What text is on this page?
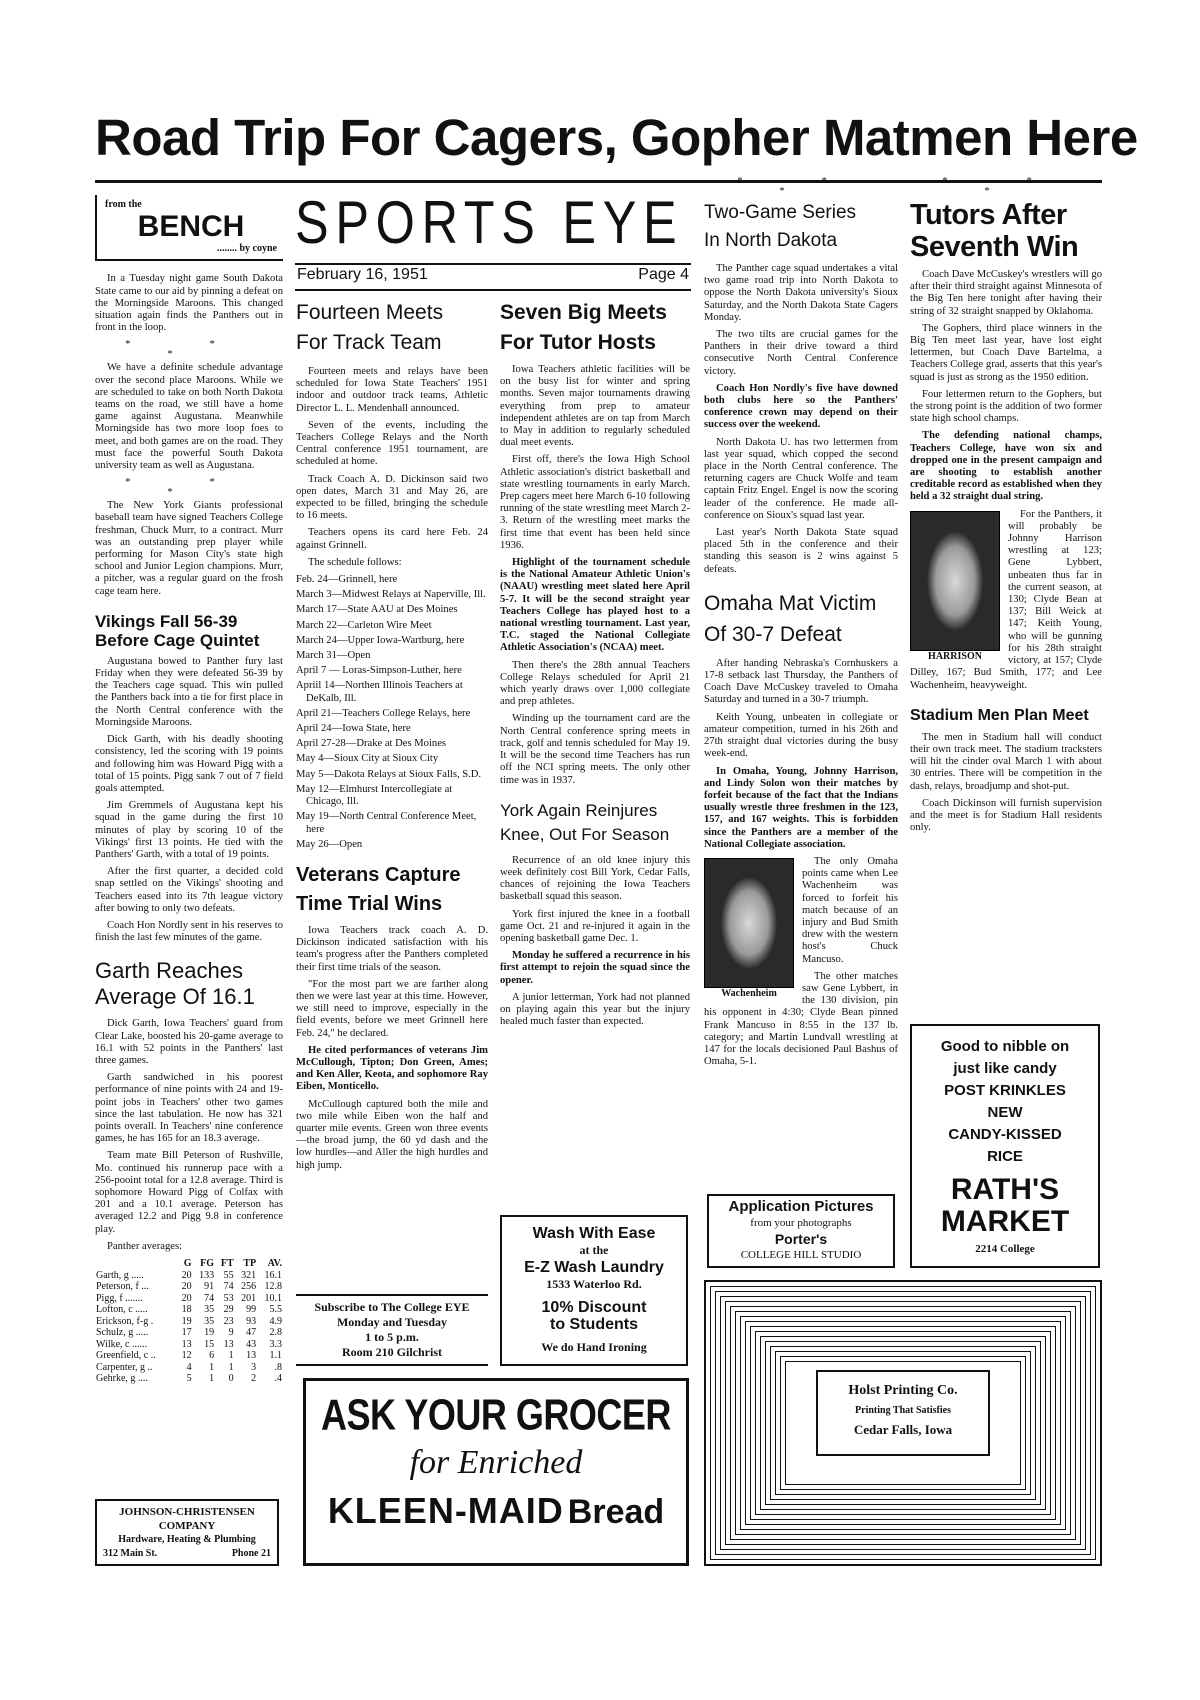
Road Trip For Cagers, Gopher Matmen Here
from the
BENCH
........ by coyne

In a Tuesday night game South Dakota State came to our aid by pinning a defeat on the Morningside Maroons. This changed situation again finds the Panthers out in front in the loop.

* * *

We have a definite schedule advantage over the second place Maroons. While we are scheduled to take on both North Dakota teams on the road, we still have a home game against Augustana. Meanwhile Morningside has two more loop foes to meet, and both games are on the road. They must face the powerful South Dakota university team as well as Augustana.

* * *

The New York Giants professional baseball team have signed Teachers College freshman, Chuck Murr, to a contract. Murr was an outstanding prep player while performing for Mason City's state high school and Junior Legion champions. Murr, a pitcher, was a regular guard on the frosh cage team here.

Vikings Fall 56-39 Before Cage Quintet

Augustana bowed to Panther fury last Friday when they were defeated 56-39 by the Teachers cage squad. This win pulled the Panthers back into a tie for first place in the North Central conference with the Morningside Maroons.

Dick Garth, with his deadly shooting consistency, led the scoring with 19 points and following him was Howard Pigg with a total of 15 points. Pigg sank 7 out of 7 field goals attempted.

Jim Gremmels of Augustana kept his squad in the game during the first 10 minutes of play by scoring 10 of the Vikings' first 13 points. He tied with the Panthers' Garth, with a total of 19 points.

After the first quarter, a decided cold snap settled on the Vikings' shooting and Teachers eased into its 7th league victory after bowing to only two defeats.

Coach Hon Nordly sent in his reserves to finish the last few minutes of the game.

Garth Reaches Average Of 16.1

Dick Garth, Iowa Teachers' guard from Clear Lake, boosted his 20-game average to 16.1 with 52 points in the Panthers' last three games.

Garth sandwiched in his poorest performance of nine points with 24 and 19-point jobs in Teachers' other two games since the last tabulation. He now has 321 points overall. In Teachers' nine conference games, he has 165 for an 18.3 average.

Team mate Bill Peterson of Rushville, Mo. continued his runnerup pace with a 256-pooint total for a 12.8 average. Third is sophomore Howard Pigg of Colfax with 201 and a 10.1 average. Peterson has averaged 12.2 and Pigg 9.8 in conference play.

Panther averages:

	G	FG	FT	TP	AV.
Garth, g .....	20	133	55	321	16.1
Peterson, f ...	20	91	74	256	12.8
Pigg, f .......	20	74	53	201	10.1
Lofton, c .....	18	35	29	99	5.5
Erickson, f-g .	19	35	23	93	4.9
Schulz, g .....	17	19	9	47	2.8
Wilke, c ......	13	15	13	43	3.3
Greenfield, c ..	12	6	1	13	1.1
Carpenter, g ..	4	1	1	3	.8
Gehrke, g ....	5	1	0	2	.4
JOHNSON-CHRISTENSEN
COMPANY
Hardware, Heating & Plumbing
312 Main St.	Phone 21
SPORTS EYE
February 16, 1951	Page 4
Fourteen Meets
For Track Team

Fourteen meets and relays have been scheduled for Iowa State Teachers' 1951 indoor and outdoor track teams, Athletic Director L. L. Mendenhall announced.

Seven of the events, including the Teachers College Relays and the North Central conference 1951 tournament, are scheduled at home.

Track Coach A. D. Dickinson said two open dates, March 31 and May 26, are expected to be filled, bringing the schedule to 16 meets.

Teachers opens its card here Feb. 24 against Grinnell.

The schedule follows:

Feb. 24—Grinnell, here

March 3—Midwest Relays at Naperville, Ill.

March 17—State AAU at Des Moines

March 22—Carleton Wire Meet

March 24—Upper Iowa-Wartburg, here

March 31—Open

April 7 — Loras-Simpson-Luther, here

Apriil 14—Northen Illinois Teachers at DeKalb, Ill.

April 21—Teachers College Relays, here

April 24—Iowa State, here

April 27-28—Drake at Des Moines

May 4—Sioux City at Sioux City

May 5—Dakota Relays at Sioux Falls, S.D.

May 12—Elmhurst Intercollegiate at Chicago, Ill.

May 19—North Central Conference Meet, here

May 26—Open

Veterans Capture
Time Trial Wins

Iowa Teachers track coach A. D. Dickinson indicated satisfaction with his team's progress after the Panthers completed their first time trials of the season.

"For the most part we are farther along then we were last year at this time. However, we still need to improve, especially in the field events, before we meet Grinnell here Feb. 24," he declared.

He cited performances of veterans Jim McCullough, Tipton; Don Green, Ames; and Ken Aller, Keota, and sophomore Ray Eiben, Monticello.

McCullough captured both the mile and two mile while Eiben won the half and quarter mile events. Green won three events—the broad jump, the 60 yd dash and the low hurdles—and Aller the high hurdles and high jump.

Subscribe to The College EYE
Monday and Tuesday
1 to 5 p.m.
Room 210 Gilchrist
Seven Big Meets
For Tutor Hosts

Iowa Teachers athletic facilities will be on the busy list for winter and spring months. Seven major tournaments drawing everything from prep to amateur independent athletes are on tap from March to May in addition to regularly scheduled dual meet events.

First off, there's the Iowa High School Athletic association's district basketball and state wrestling tournaments in early March. Prep cagers meet here March 6-10 following running of the state wrestling meet March 2-3. Return of the wrestling meet marks the first time that event has been held since 1936.

Highlight of the tournament schedule is the National Amateur Athletic Union's (NAAU) wrestling meet slated here April 5-7. It will be the second straight year Teachers College has played host to a national wrestling tournament. Last year, T.C. staged the National Collegiate Athletic Association's (NCAA) meet.

Then there's the 28th annual Teachers College Relays scheduled for April 21 which yearly draws over 1,000 collegiate and prep athletes.

Winding up the tournament card are the North Central conference spring meets in track, golf and tennis scheduled for May 19. It will be the second time Teachers has run off the NCI spring meets. The only other time was in 1937.

York Again Reinjures
Knee, Out For Season

Recurrence of an old knee injury this week definitely cost Bill York, Cedar Falls, chances of rejoining the Iowa Teachers basketball squad this season.

York first injured the knee in a football game Oct. 21 and re-injured it again in the opening basketball game Dec. 1.

Monday he suffered a recurrence in his first attempt to rejoin the squad since the opener.

A junior letterman, York had not planned on playing again this year but the injury healed much faster than expected.

Wash With Ease
at the
E-Z Wash Laundry
1533 Waterloo Rd.
10% Discount
to Students
We do Hand Ironing
ASK YOUR GROCER
for Enriched
KLEEN-MAID Bread
* * *
Two-Game Series
In North Dakota

The Panther cage squad undertakes a vital two game road trip into North Dakota to oppose the North Dakota university's Sioux Saturday, and the North Dakota State Cagers Monday.

The two tilts are crucial games for the Panthers in their drive toward a third consecutive North Central Conference victory.

Coach Hon Nordly's five have downed both clubs here so the Panthers' conference crown may depend on their success over the weekend.

North Dakota U. has two lettermen from last year squad, which copped the second place in the North Central conference. The returning cagers are Chuck Wolfe and team captain Fritz Engel. Engel is now the scoring leader of the conference. He made all-conference on Sioux's squad last year.

Last year's North Dakota State squad placed 5th in the conference and their standing this season is 2 wins against 5 defeats.

Omaha Mat Victim
Of 30-7 Defeat

After handing Nebraska's Cornhuskers a 17-8 setback last Thursday, the Panthers of Coach Dave McCuskey traveled to Omaha Saturday and turned in a 30-7 triumph.

Keith Young, unbeaten in collegiate or amateur competition, turned in his 26th and 27th straight dual victories during the busy week-end.

In Omaha, Young, Johnny Harrison, and Lindy Solon won their matches by forfeit because of the fact that the Indians usually wrestle three freshmen in the 123, 157, and 167 weights. This is forbidden since the Panthers are a member of the National Collegiate association.

Wachenheim

The only Omaha points came when Lee Wachenheim was forced to forfeit his match because of an injury and Bud Smith drew with the western host's Chuck Mancuso.

The other matches saw Gene Lybbert, in the 130 division, pin his opponent in 4:30; Clyde Bean pinned Frank Mancuso in 8:55 in the 137 lb. category; and Martin Lundvall wrestling at 147 for the locals decisioned Paul Bashus of Omaha, 5-1.

Application Pictures
from your photographs
Porter's
COLLEGE HILL STUDIO
* * *
Tutors After
Seventh Win

Coach Dave McCuskey's wrestlers will go after their third straight against Minnesota of the Big Ten here tonight after having their string of 32 straight snapped by Oklahoma.

The Gophers, third place winners in the Big Ten meet last year, have lost eight lettermen, but Coach Dave Bartelma, a Teachers College grad, asserts that this year's squad is just as strong as the 1950 edition.

Four lettermen return to the Gophers, but the strong point is the addition of two former state high school champs.

The defending national champs, Teachers College, have won six and dropped one in the present campaign and are shooting to establish another creditable record as established when they held a 32 straight dual string.

HARRISON

For the Panthers, it will probably be Johnny Harrison wrestling at 123; Gene Lybbert, unbeaten thus far in the current season, at 130; Clyde Bean at 137; Bill Weick at 147; Keith Young, who will be gunning for his 28th straight victory, at 157; Clyde Dilley, 167; Bud Smith, 177; and Lee Wachenheim, heavyweight.

Stadium Men Plan Meet

The men in Stadium hall will conduct their own track meet. The stadium tracksters will hit the cinder oval March 1 with about 30 entries. There will be competition in the dash, relays, broadjump and shot-put.

Coach Dickinson will furnish supervision and the meet is for Stadium Hall residents only.

Good to nibble on
just like candy
POST KRINKLES
NEW
CANDY-KISSED
RICE
RATH'S
MARKET
2214 College
Holst Printing Co.
Printing That Satisfies
Cedar Falls, Iowa
